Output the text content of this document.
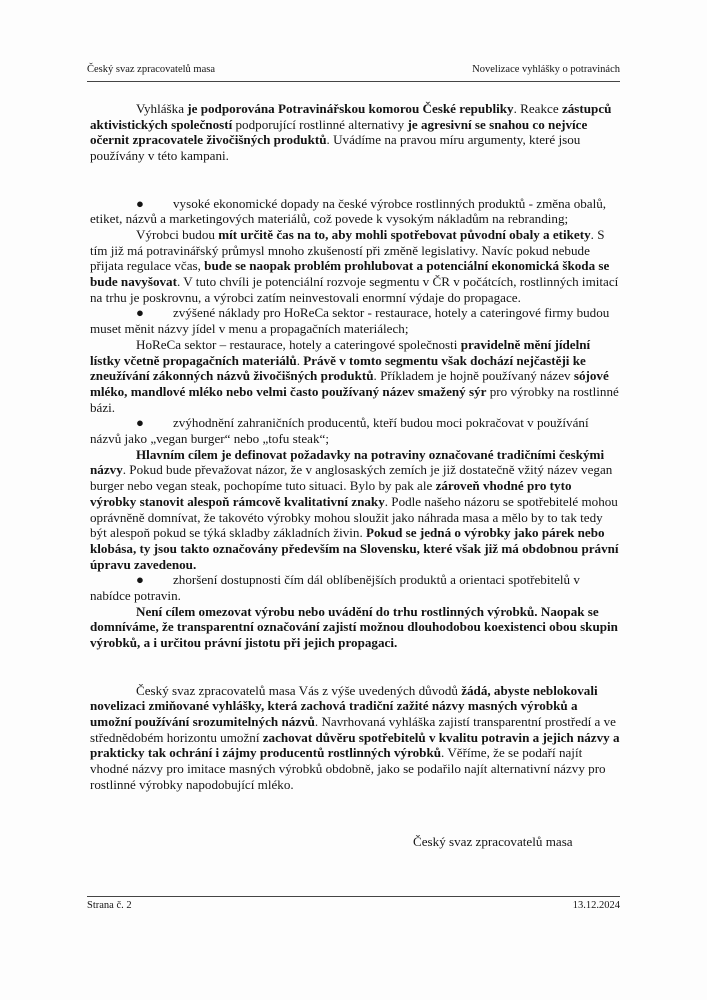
Český svaz zpracovatelů masa	Novelizace vyhlášky o potravinách

Vyhláška je podporována Potravinářskou komorou České republiky. Reakce zástupců aktivistických společností podporující rostlinné alternativy je agresivní se snahou co nejvíce očernit zpracovatele živočišných produktů. Uvádíme na pravou míru argumenty, které jsou používány v této kampani.

● vysoké ekonomické dopady na české výrobce rostlinných produktů - změna obalů, etiket, názvů a marketingových materiálů, což povede k vysokým nákladům na rebranding;

Výrobci budou mít určitě čas na to, aby mohli spotřebovat původní obaly a etikety. S tím již má potravinářský průmysl mnoho zkušeností při změně legislativy. Navíc pokud nebude přijata regulace včas, bude se naopak problém prohlubovat a potenciální ekonomická škoda se bude navyšovat. V tuto chvíli je potenciální rozvoje segmentu v ČR v počátcích, rostlinných imitací na trhu je poskrovnu, a výrobci zatím neinvestovali enormní výdaje do propagace.

● zvýšené náklady pro HoReCa sektor - restaurace, hotely a cateringové firmy budou muset měnit názvy jídel v menu a propagačních materiálech;

HoReCa sektor – restaurace, hotely a cateringové společnosti pravidelně mění jídelní lístky včetně propagačních materiálů. Právě v tomto segmentu však dochází nejčastěji ke zneužívání zákonných názvů živočišných produktů. Příkladem je hojně používaný název sójové mléko, mandlové mléko nebo velmi často používaný název smažený sýr pro výrobky na rostlinné bázi.

● zvýhodnění zahraničních producentů, kteří budou moci pokračovat v používání názvů jako „vegan burger“ nebo „tofu steak“;

Hlavním cílem je definovat požadavky na potraviny označované tradičními českými názvy. Pokud bude převažovat názor, že v anglosaských zemích je již dostatečně vžitý název vegan burger nebo vegan steak, pochopíme tuto situaci. Bylo by pak ale zároveň vhodné pro tyto výrobky stanovit alespoň rámcově kvalitativní znaky. Podle našeho názoru se spotřebitelé mohou oprávněně domnívat, že takovéto výrobky mohou sloužit jako náhrada masa a mělo by to tak tedy být alespoň pokud se týká skladby základních živin. Pokud se jedná o výrobky jako párek nebo klobása, ty jsou takto označovány především na Slovensku, které však již má obdobnou právní úpravu zavedenou.

● zhoršení dostupnosti čím dál oblíbenějších produktů a orientaci spotřebitelů v nabídce potravin.

Není cílem omezovat výrobu nebo uvádění do trhu rostlinných výrobků. Naopak se domníváme, že transparentní označování zajistí možnou dlouhodobou koexistenci obou skupin výrobků, a i určitou právní jistotu při jejich propagaci.

Český svaz zpracovatelů masa Vás z výše uvedených důvodů žádá, abyste neblokovali novelizaci zmiňované vyhlášky, která zachová tradiční zažité názvy masných výrobků a umožní používání srozumitelných názvů. Navrhovaná vyhláška zajistí transparentní prostředí a ve střednědobém horizontu umožní zachovat důvěru spotřebitelů v kvalitu potravin a jejich názvy a prakticky tak ochrání i zájmy producentů rostlinných výrobků. Věříme, že se podaří najít vhodné názvy pro imitace masných výrobků obdobně, jako se podařilo najít alternativní názvy pro rostlinné výrobky napodobující mléko.

Český svaz zpracovatelů masa
Strana č. 2	13.12.2024
